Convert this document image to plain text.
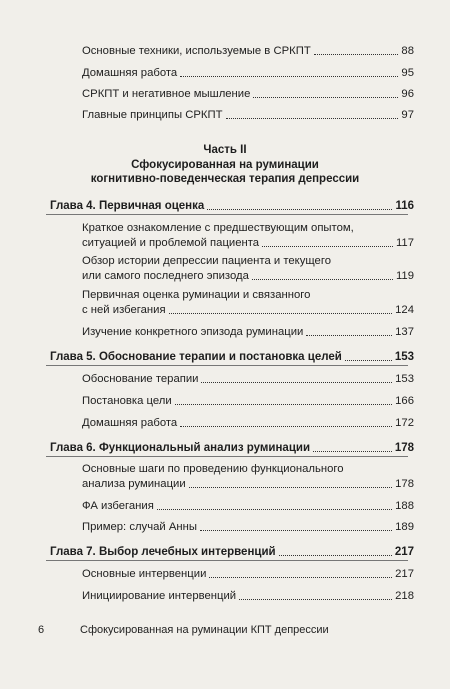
Основные техники, используемые в СРКПТ	88
Домашняя работа	95
СРКПТ и негативное мышление	96
Главные принципы СРКПТ	97
Часть II
Сфокусированная на руминации
когнитивно-поведенческая терапия депрессии
Глава 4. Первичная оценка	116
Краткое ознакомление с предшествующим опытом,
ситуацией и проблемой пациента	117
Обзор истории депрессии пациента и текущего
или самого последнего эпизода	119
Первичная оценка руминации и связанного
с ней избегания	124
Изучение конкретного эпизода руминации	137
Глава 5. Обоснование терапии и постановка целей	153
Обоснование терапии	153
Постановка цели	166
Домашняя работа	172
Глава 6. Функциональный анализ руминации	178
Основные шаги по проведению функционального
анализа руминации	178
ФА избегания	188
Пример: случай Анны	189
Глава 7. Выбор лечебных интервенций	217
Основные интервенции	217
Инициирование интервенций	218
6	Сфокусированная на руминации КПТ депрессии
